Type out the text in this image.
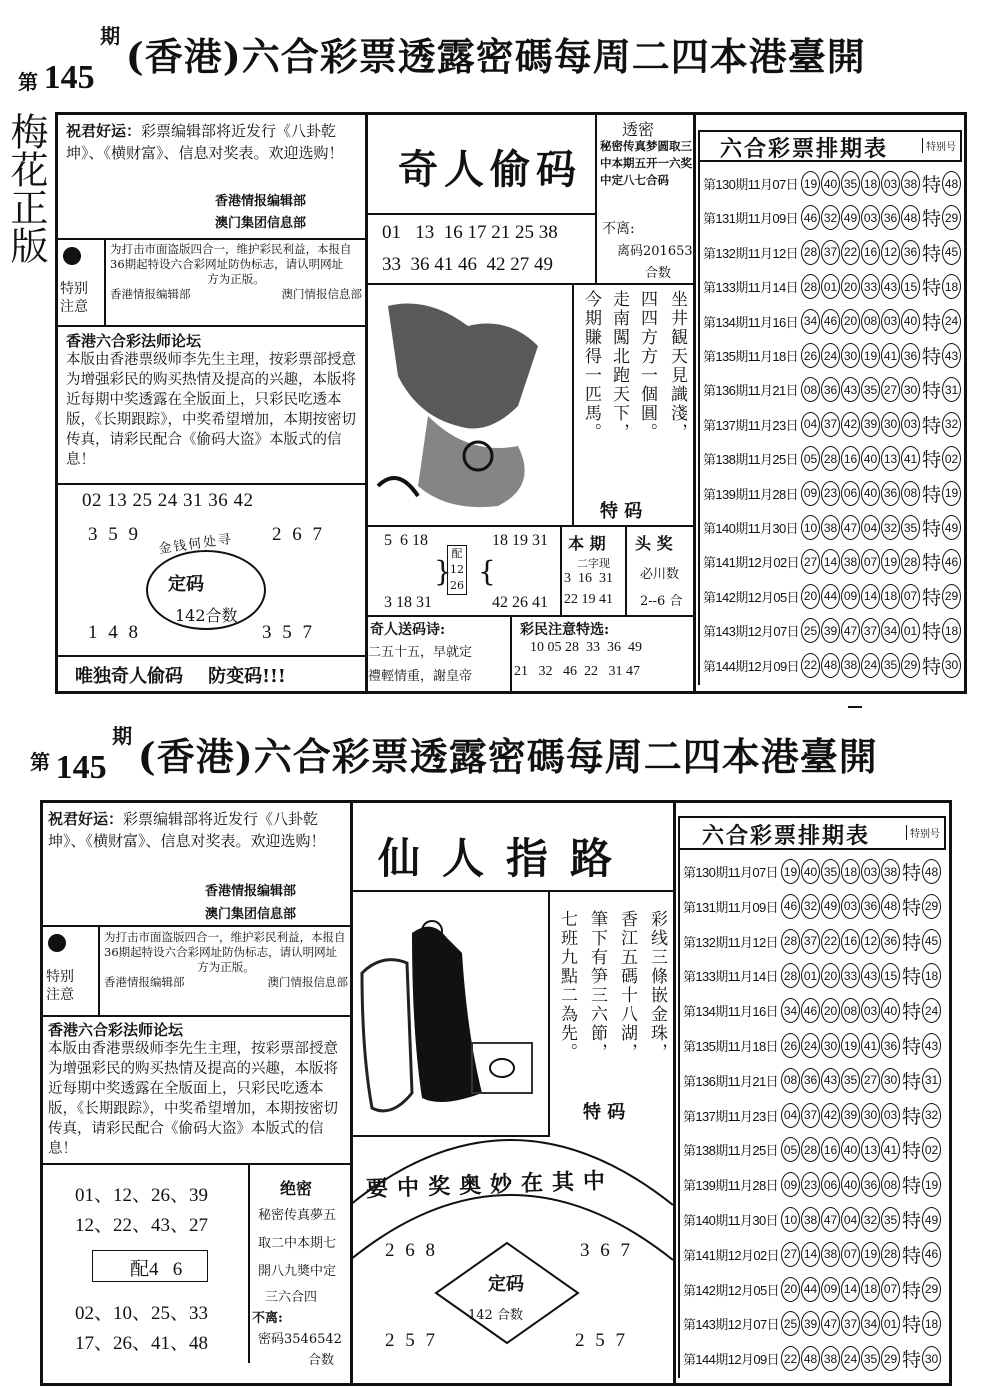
第 145 期 (香港)六合彩票透露密碼每周二四本港臺開
梅花正版 祝君好运：彩票编辑部将近发行《八卦乾坤》、《横财富》、信息对奖表。欢迎选购！
香港情报编辑部
澳门集团信息部
特别注意
为打击市面盗版四合一，维护彩民利益，本报自36期起特设六合彩网址防伪标志，请认明网址
方为正版。
香港情报编辑部	澳门情报信息部
香港六合彩法师论坛
本版由香港票级师李先生主理，按彩票部授意为增强彩民的购买热情及提高的兴趣，本版将近每期中奖透露在全版面上，只彩民吃透本版，《长期跟踪》，中奖希望增加，本期按密切传真，请彩民配合《偷码大盗》本版式的信息！
02 13 25 24 31 36 42
3 5 9	2 6 7
1 4 8	3 5 7
金钱何处寻
定码
142合数
唯独奇人偷码    防变码!!!
奇人偷码
01   13  16 17 21 25 38
33  36 41 46  42 27 49
透密
秘密传真梦圆取三中本期五开一六奖中定八七合码
不离:
离码201653
合数
坐井観天見識淺，
四四方方一個圓。
走南闖北跑天下，
今期賺得一匹馬。
特 码
5  6 18
3 18 31
}
配
12
26 {
18 19 31
42 26 41
本 期
二字现
3  16  31
22 19 41
头 奖
必川数
2--6 合
奇人送码诗:
二五十五，早就定
禮輕情重，謝皇帝
彩民注意特选:
10 05 28  33  36  49
21   32   46  22   31 47
六合彩票排期表	特别号
第130期11月07日 19 40 35 18 03 38 特 48
第131期11月09日 46 32 49 03 36 48 特 29
第132期11月12日 28 37 22 16 12 36 特 45
第133期11月14日 28 01 20 33 43 15 特 18
第134期11月16日 34 46 20 08 03 40 特 24
第135期11月18日 26 24 30 19 41 36 特 43
第136期11月21日 08 36 43 35 27 30 特 31
第137期11月23日 04 37 42 39 30 03 特 32
第138期11月25日 05 28 16 40 13 41 特 02
第139期11月28日 09 23 06 40 36 08 特 19
第140期11月30日 10 38 47 04 32 35 特 49
第141期12月02日 27 14 38 07 19 28 特 46
第142期12月05日 20 44 09 14 18 07 特 29
第143期12月07日 25 39 47 37 34 01 特 18
第144期12月09日 22 48 38 24 35 29 特 30
第 145 期 (香港)六合彩票透露密碼每周二四本港臺開
祝君好运：彩票编辑部将近发行《八卦乾坤》、《横财富》、信息对奖表。欢迎选购！
香港情报编辑部
澳门集团信息部
特别注意
为打击市面盗版四合一，维护彩民利益，本报自36期起特设六合彩网址防伪标志，请认明网址
方为正版。
香港情报编辑部	澳门情报信息部
香港六合彩法师论坛
本版由香港票级师李先生主理，按彩票部授意为增强彩民的购买热情及提高的兴趣，本版将近每期中奖透露在全版面上，只彩民吃透本版，《长期跟踪》，中奖希望增加，本期按密切传真，请彩民配合《偷码大盗》本版式的信息！
01、12、26、39
12、22、43、27
配4   6
02、10、25、33
17、26、41、48
绝密
秘密传真夢五
取二中本期七
開八九奬中定
三六合四
不离:
密码3546542
合数
仙人指路
彩线三條嵌金珠，
香江五碼十八湖，
筆下有笋三六節，
七班九點二為先。
特 码
要中奖奥妙在其中
2 6 8	3 6 7
2 5 7	2 5 7
定码
142 合数
六合彩票排期表	特别号
第130期11月07日 19 40 35 18 03 38 特 48
第131期11月09日 46 32 49 03 36 48 特 29
第132期11月12日 28 37 22 16 12 36 特 45
第133期11月14日 28 01 20 33 43 15 特 18
第134期11月16日 34 46 20 08 03 40 特 24
第135期11月18日 26 24 30 19 41 36 特 43
第136期11月21日 08 36 43 35 27 30 特 31
第137期11月23日 04 37 42 39 30 03 特 32
第138期11月25日 05 28 16 40 13 41 特 02
第139期11月28日 09 23 06 40 36 08 特 19
第140期11月30日 10 38 47 04 32 35 特 49
第141期12月02日 27 14 38 07 19 28 特 46
第142期12月05日 20 44 09 14 18 07 特 29
第143期12月07日 25 39 47 37 34 01 特 18
第144期12月09日 22 48 38 24 35 29 特 30
